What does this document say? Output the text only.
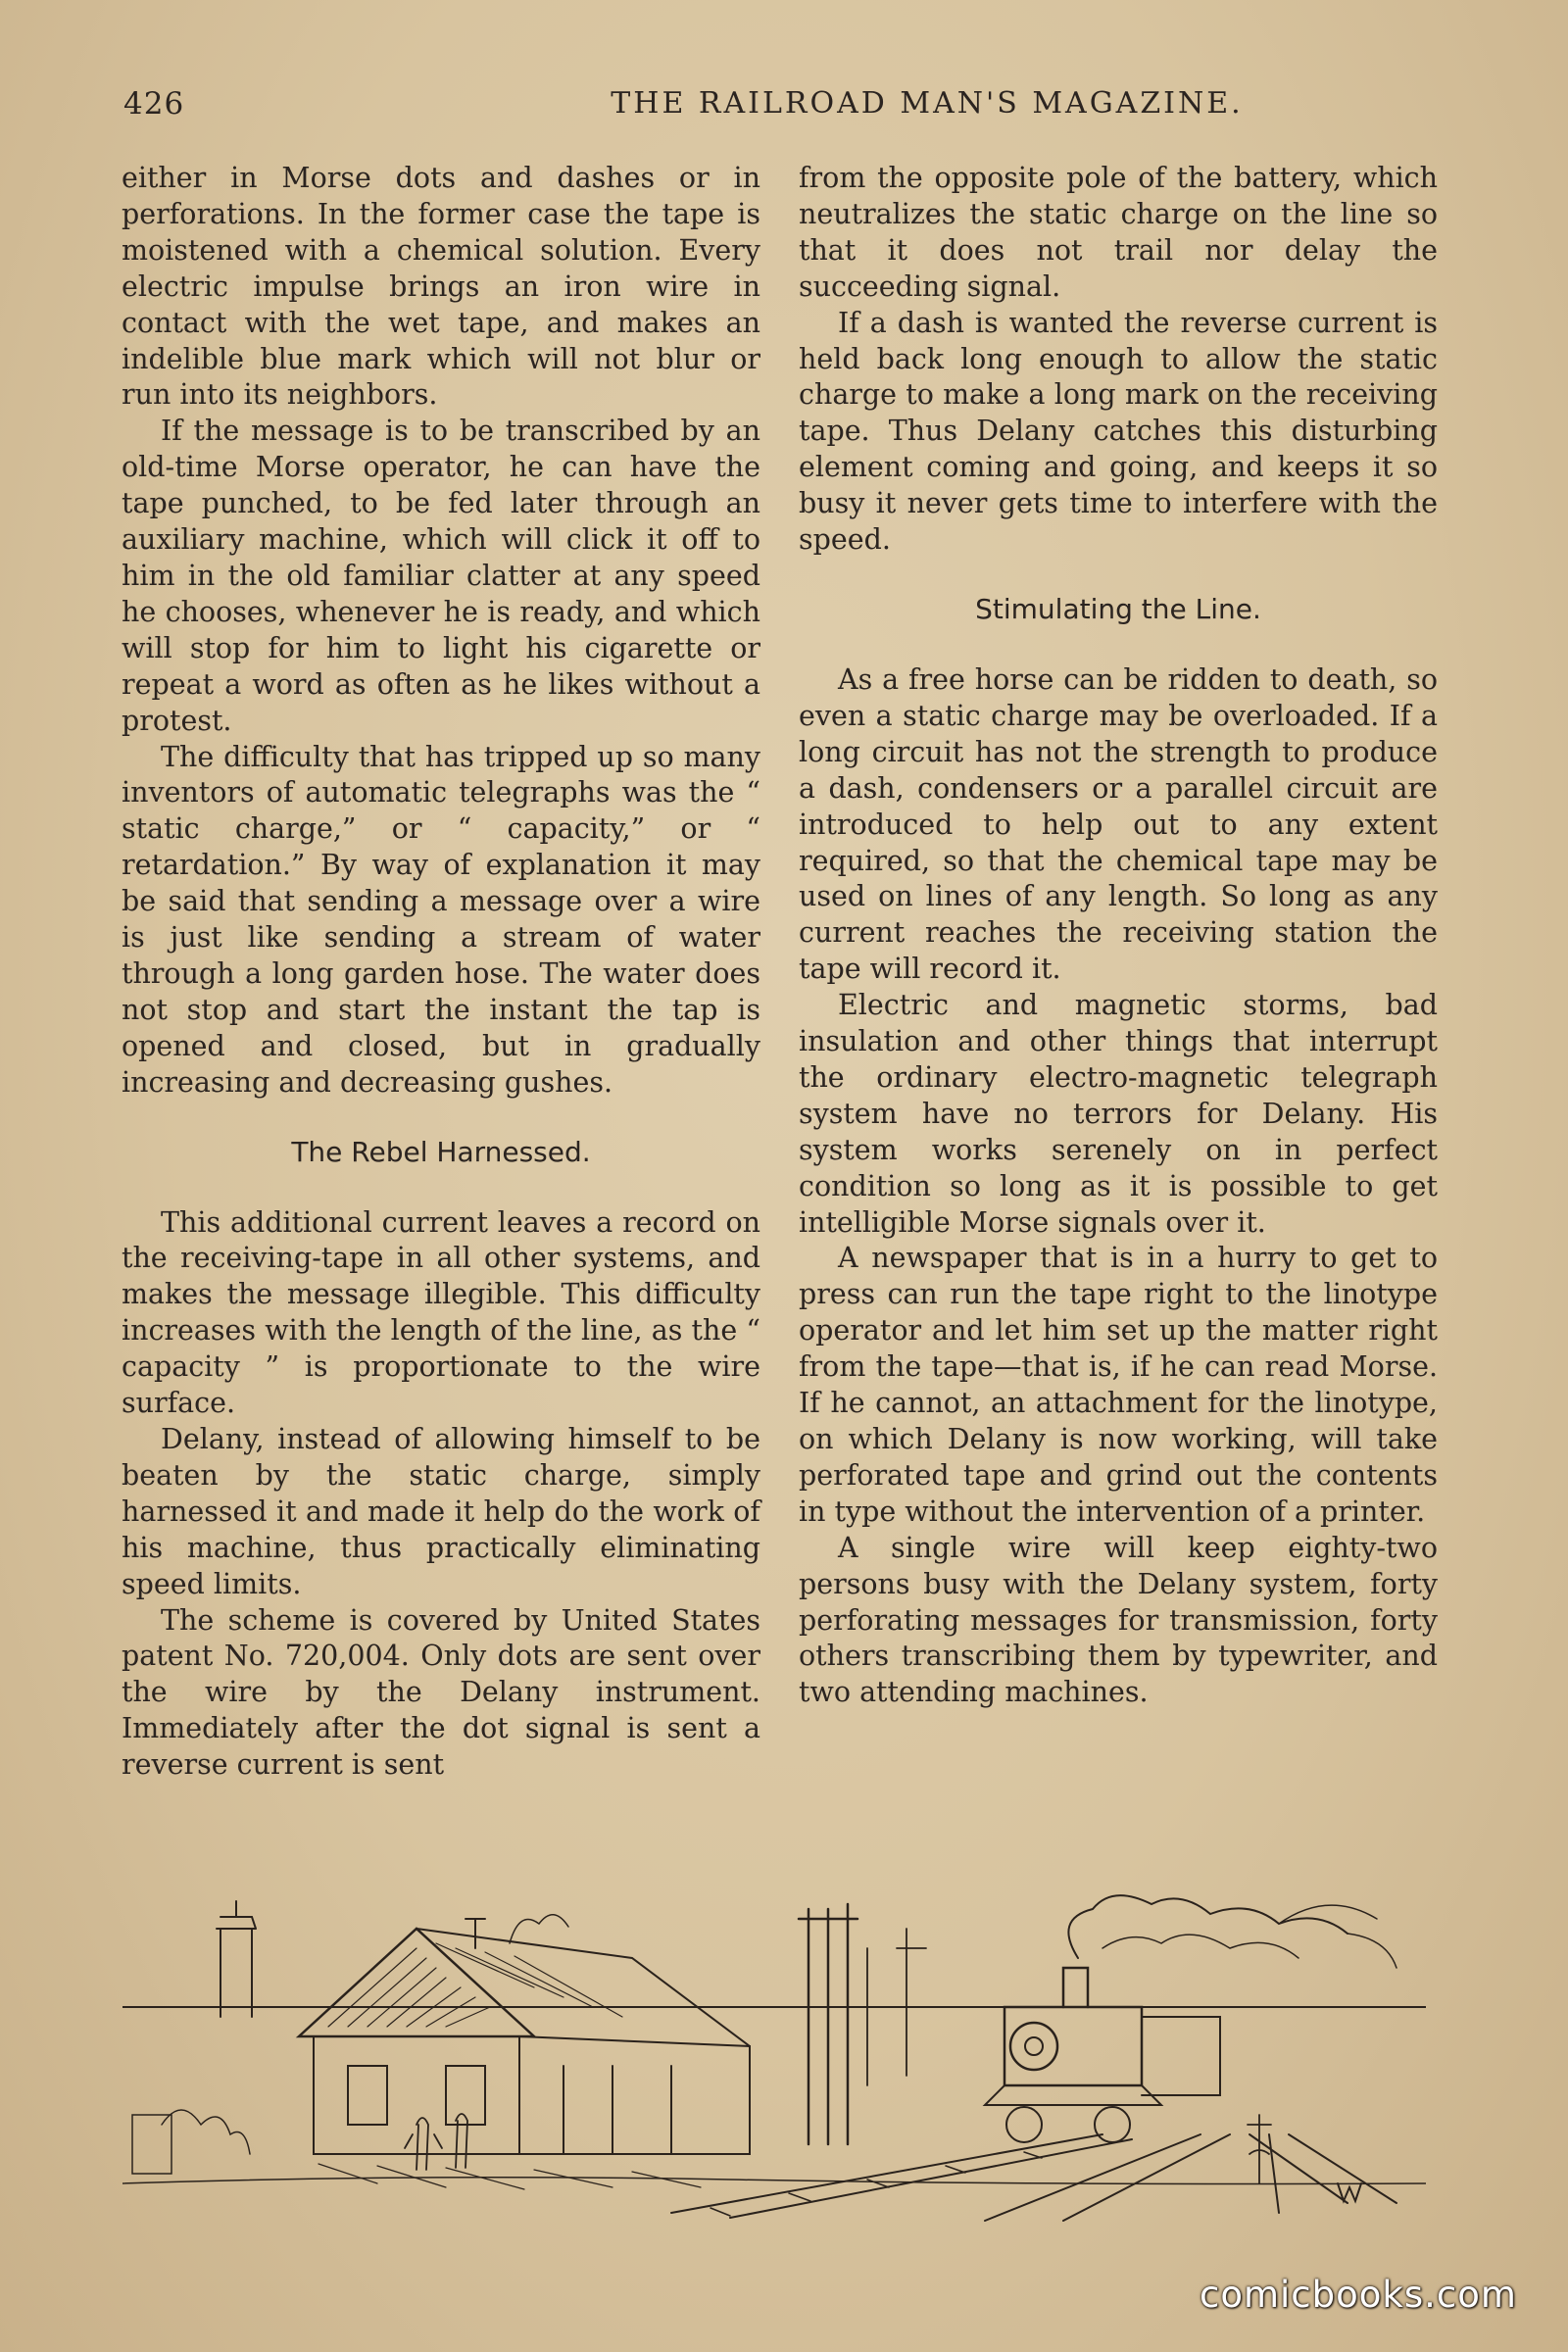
426	THE RAILROAD MAN'S MAGAZINE.

either in Morse dots and dashes or in perforations. In the former case the tape is moistened with a chemical solution. Every electric impulse brings an iron wire in contact with the wet tape, and makes an indelible blue mark which will not blur or run into its neighbors.

If the message is to be transcribed by an old-time Morse operator, he can have the tape punched, to be fed later through an auxiliary machine, which will click it off to him in the old familiar clatter at any speed he chooses, whenever he is ready, and which will stop for him to light his cigarette or repeat a word as often as he likes without a protest.

The difficulty that has tripped up so many inventors of automatic telegraphs was the “ static charge,” or “ capacity,” or “ retardation.” By way of explanation it may be said that sending a message over a wire is just like sending a stream of water through a long garden hose. The water does not stop and start the instant the tap is opened and closed, but in gradually increasing and decreasing gushes.

The Rebel Harnessed.

This additional current leaves a record on the receiving-tape in all other systems, and makes the message illegible. This difficulty increases with the length of the line, as the “ capacity ” is proportionate to the wire surface.

Delany, instead of allowing himself to be beaten by the static charge, simply harnessed it and made it help do the work of his machine, thus practically eliminating speed limits.

The scheme is covered by United States patent No. 720,004. Only dots are sent over the wire by the Delany instrument. Immediately after the dot signal is sent a reverse current is sent

from the opposite pole of the battery, which neutralizes the static charge on the line so that it does not trail nor delay the succeeding signal.

If a dash is wanted the reverse current is held back long enough to allow the static charge to make a long mark on the receiving tape. Thus Delany catches this disturbing element coming and going, and keeps it so busy it never gets time to interfere with the speed.

Stimulating the Line.

As a free horse can be ridden to death, so even a static charge may be overloaded. If a long circuit has not the strength to produce a dash, condensers or a parallel circuit are introduced to help out to any extent required, so that the chemical tape may be used on lines of any length. So long as any current reaches the receiving station the tape will record it.

Electric and magnetic storms, bad insulation and other things that interrupt the ordinary electro-magnetic telegraph system have no terrors for Delany. His system works serenely on in perfect condition so long as it is possible to get intelligible Morse signals over it.

A newspaper that is in a hurry to get to press can run the tape right to the linotype operator and let him set up the matter right from the tape—that is, if he can read Morse. If he cannot, an attachment for the linotype, on which Delany is now working, will take perforated tape and grind out the contents in type without the intervention of a printer.

A single wire will keep eighty-two persons busy with the Delany system, forty perforating messages for transmission, forty others transcribing them by typewriter, and two attending machines.

comicbooks.com
